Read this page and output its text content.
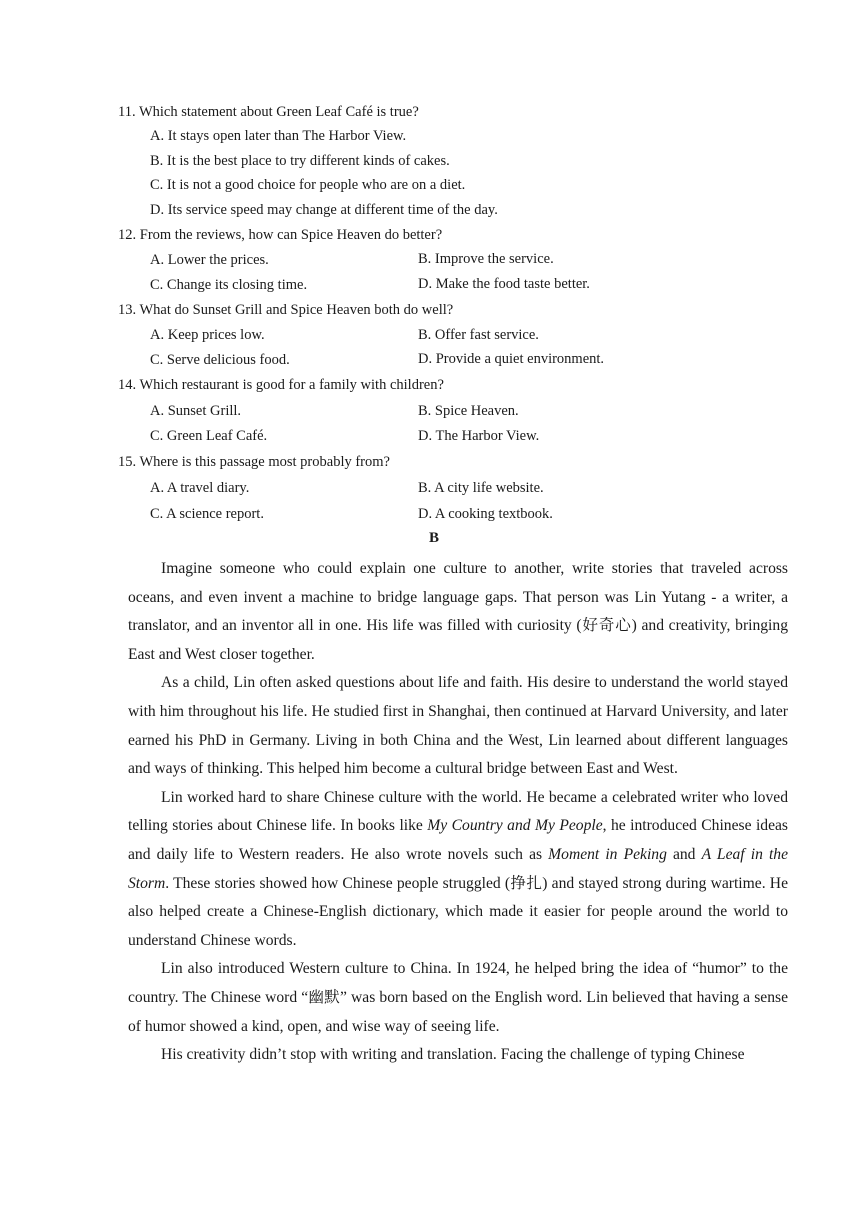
11. Which statement about Green Leaf Café is true?
A. It stays open later than The Harbor View.
B. It is the best place to try different kinds of cakes.
C. It is not a good choice for people who are on a diet.
D. Its service speed may change at different time of the day.
12. From the reviews, how can Spice Heaven do better?
A. Lower the prices.	B. Improve the service.
C. Change its closing time.	D. Make the food taste better.
13. What do Sunset Grill and Spice Heaven both do well?
A. Keep prices low.	B. Offer fast service.
C. Serve delicious food.	D. Provide a quiet environment.
14. Which restaurant is good for a family with children?
A. Sunset Grill.	B. Spice Heaven.
C. Green Leaf Café.	D. The Harbor View.
15. Where is this passage most probably from?
A. A travel diary.	B. A city life website.
C. A science report.	D. A cooking textbook.
B

Imagine someone who could explain one culture to another, write stories that traveled across oceans, and even invent a machine to bridge language gaps. That person was Lin Yutang - a writer, a translator, and an inventor all in one. His life was filled with curiosity (好奇心) and creativity, bringing East and West closer together.

As a child, Lin often asked questions about life and faith. His desire to understand the world stayed with him throughout his life. He studied first in Shanghai, then continued at Harvard University, and later earned his PhD in Germany. Living in both China and the West, Lin learned about different languages and ways of thinking. This helped him become a cultural bridge between East and West.

Lin worked hard to share Chinese culture with the world. He became a celebrated writer who loved telling stories about Chinese life. In books like My Country and My People, he introduced Chinese ideas and daily life to Western readers. He also wrote novels such as Moment in Peking and A Leaf in the Storm. These stories showed how Chinese people struggled (挣扎) and stayed strong during wartime. He also helped create a Chinese-English dictionary, which made it easier for people around the world to understand Chinese words.

Lin also introduced Western culture to China. In 1924, he helped bring the idea of “humor” to the country. The Chinese word “幽默” was born based on the English word. Lin believed that having a sense of humor showed a kind, open, and wise way of seeing life.

His creativity didn’t stop with writing and translation. Facing the challenge of typing Chinese
